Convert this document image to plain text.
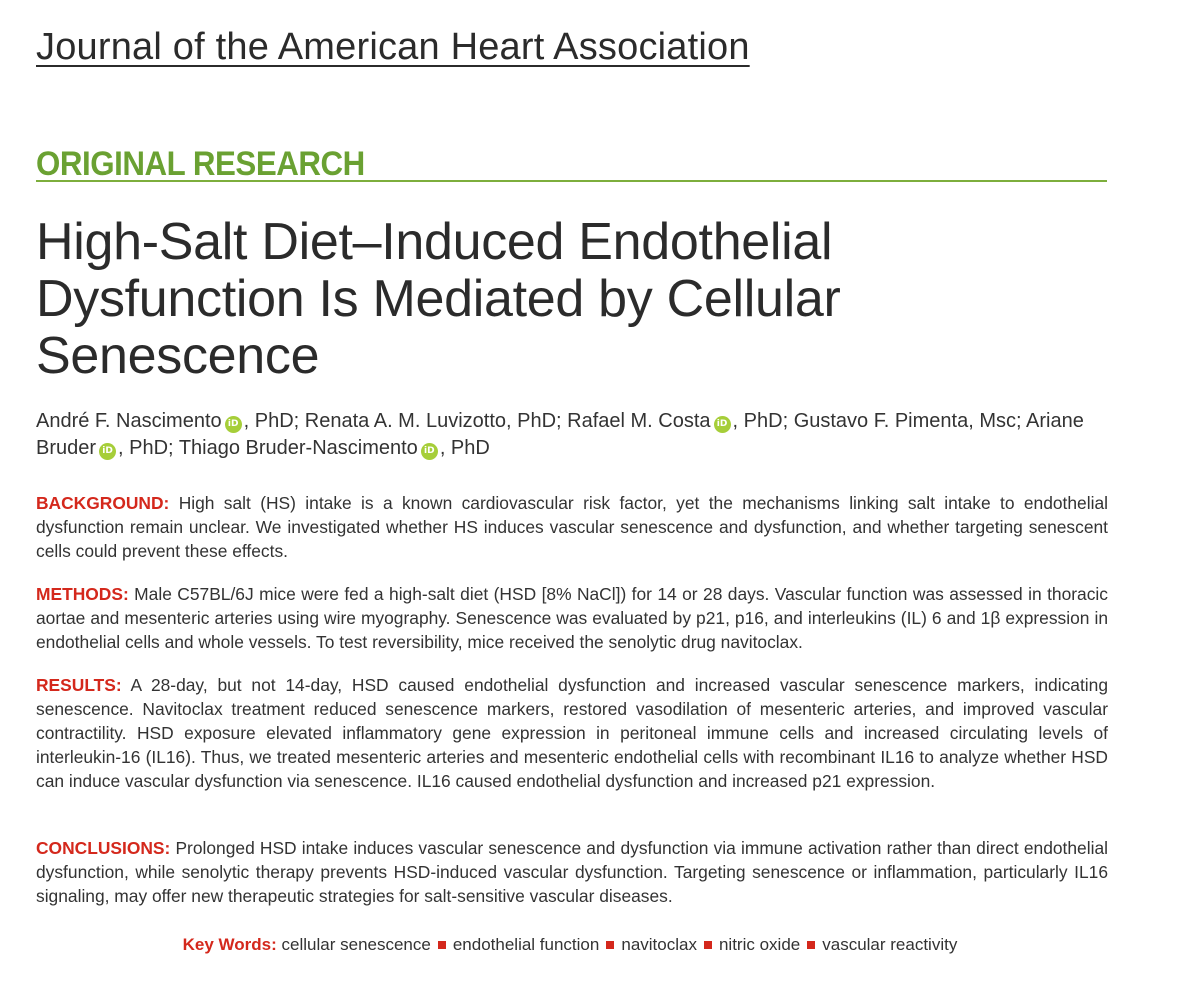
Journal of the American Heart Association
ORIGINAL RESEARCH
High-Salt Diet–Induced Endothelial Dysfunction Is Mediated by Cellular Senescence
André F. Nascimento iD , PhD; Renata A. M. Luvizotto, PhD; Rafael M. Costa iD , PhD; Gustavo F. Pimenta, Msc; Ariane Bruder iD , PhD; Thiago Bruder-Nascimento iD , PhD

BACKGROUND: High salt (HS) intake is a known cardiovascular risk factor, yet the mechanisms linking salt intake to endothelial dysfunction remain unclear. We investigated whether HS induces vascular senescence and dysfunction, and whether targeting senescent cells could prevent these effects.

METHODS: Male C57BL/6J mice were fed a high-salt diet (HSD [8% NaCl]) for 14 or 28 days. Vascular function was assessed in thoracic aortae and mesenteric arteries using wire myography. Senescence was evaluated by p21, p16, and interleukins (IL) 6 and 1β expression in endothelial cells and whole vessels. To test reversibility, mice received the senolytic drug navitoclax.

RESULTS: A 28-day, but not 14-day, HSD caused endothelial dysfunction and increased vascular senescence markers, indicating senescence. Navitoclax treatment reduced senescence markers, restored vasodilation of mesenteric arteries, and improved vascular contractility. HSD exposure elevated inflammatory gene expression in peritoneal immune cells and increased circulating levels of interleukin-16 (IL16). Thus, we treated mesenteric arteries and mesenteric endothelial cells with recombinant IL16 to analyze whether HSD can induce vascular dysfunction via senescence. IL16 caused endothelial dysfunction and increased p21 expression.

CONCLUSIONS: Prolonged HSD intake induces vascular senescence and dysfunction via immune activation rather than direct endothelial dysfunction, while senolytic therapy prevents HSD-induced vascular dysfunction. Targeting senescence or inflammation, particularly IL16 signaling, may offer new therapeutic strategies for salt-sensitive vascular diseases.

Key Words: cellular senescence endothelial function navitoclax nitric oxide vascular reactivity
